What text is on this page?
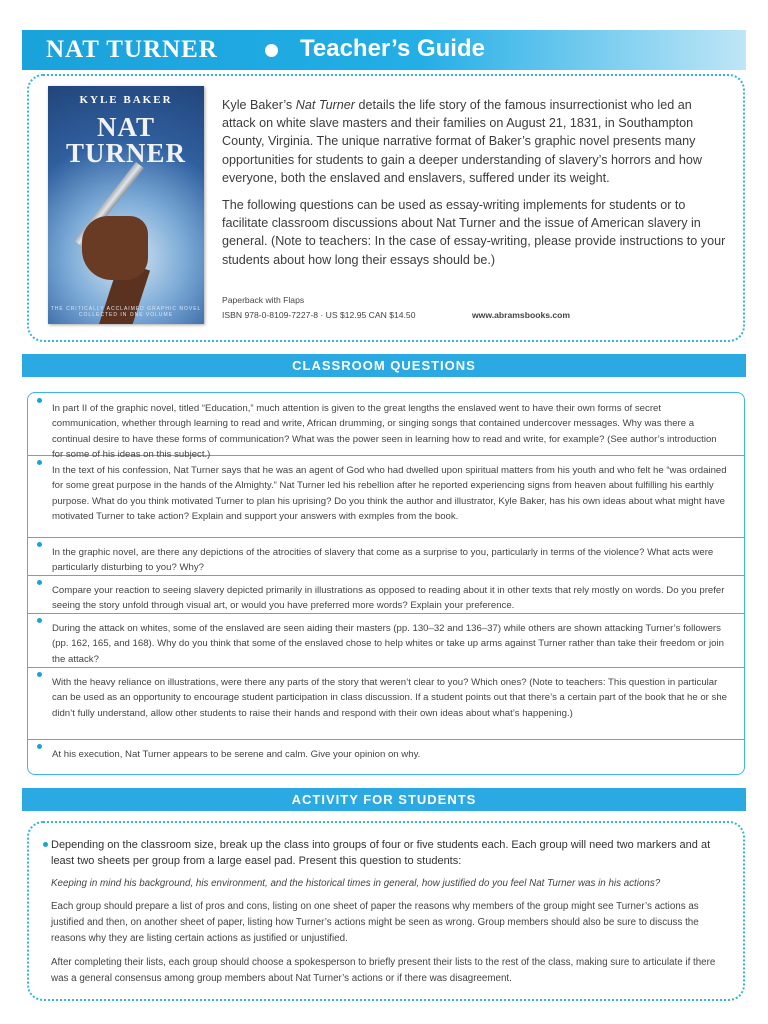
NAT TURNER	Teacher’s Guide
KYLE BAKER
NAT
TURNER
THE CRITICALLY ACCLAIMED GRAPHIC NOVEL COLLECTED IN ONE VOLUME

Kyle Baker’s Nat Turner details the life story of the famous insurrectionist who led an attack on white slave masters and their families on August 21, 1831, in Southampton County, Virginia. The unique narrative format of Baker’s graphic novel presents many opportunities for students to gain a deeper understanding of slavery’s horrors and how everyone, both the enslaved and enslavers, suffered under its weight.

The following questions can be used as essay-writing implements for students or to facilitate classroom discussions about Nat Turner and the issue of American slavery in general. (Note to teachers: In the case of essay-writing, please provide instructions to your students about how long their essays should be.)

Paperback with Flaps
ISBN 978-0-8109-7227-8 · US $12.95 CAN $14.50	www.abramsbooks.com
CLASSROOM QUESTIONS
In part II of the graphic novel, titled “Education,” much attention is given to the great lengths the enslaved went to have their own forms of secret communication, whether through learning to read and write, African drumming, or singing songs that contained undercover messages. Why was there a continual desire to have these forms of communication? What was the power seen in learning how to read and write, for example? (See author’s introduction for some of his ideas on this subject.)
In the text of his confession, Nat Turner says that he was an agent of God who had dwelled upon spiritual matters from his youth and who felt he “was ordained for some great purpose in the hands of the Almighty.” Nat Turner led his rebellion after he reported experiencing signs from heaven about fulfilling his earthly purpose. What do you think motivated Turner to plan his uprising? Do you think the author and illustrator, Kyle Baker, has his own ideas about what might have motivated Turner to take action? Explain and support your answers with exmples from the book.
In the graphic novel, are there any depictions of the atrocities of slavery that come as a surprise to you, particularly in terms of the violence? What acts were particularly disturbing to you? Why?
Compare your reaction to seeing slavery depicted primarily in illustrations as opposed to reading about it in other texts that rely mostly on words. Do you prefer seeing the story unfold through visual art, or would you have preferred more words? Explain your preference.
During the attack on whites, some of the enslaved are seen aiding their masters (pp. 130–32 and 136–37) while others are shown attacking Turner’s followers (pp. 162, 165, and 168). Why do you think that some of the enslaved chose to help whites or take up arms against Turner rather than take their freedom or join the attack?
With the heavy reliance on illustrations, were there any parts of the story that weren’t clear to you? Which ones? (Note to teachers: This question in particular can be used as an opportunity to encourage student participation in class discussion. If a student points out that there’s a certain part of the book that he or she didn’t fully understand, allow other students to raise their hands and respond with their own ideas about what’s happening.)
At his execution, Nat Turner appears to be serene and calm. Give your opinion on why.
ACTIVITY FOR STUDENTS

Depending on the classroom size, break up the class into groups of four or five students each. Each group will need two markers and at least two sheets per group from a large easel pad. Present this question to students:

Keeping in mind his background, his environment, and the historical times in general, how justified do you feel Nat Turner was in his actions?

Each group should prepare a list of pros and cons, listing on one sheet of paper the reasons why members of the group might see Turner’s actions as justified and then, on another sheet of paper, listing how Turner’s actions might be seen as wrong. Group members should also be sure to discuss the reasons why they are listing certain actions as justified or unjustified.

After completing their lists, each group should choose a spokesperson to briefly present their lists to the rest of the class, making sure to articulate if there was a general consensus among group members about Nat Turner’s actions or if there was disagreement.
